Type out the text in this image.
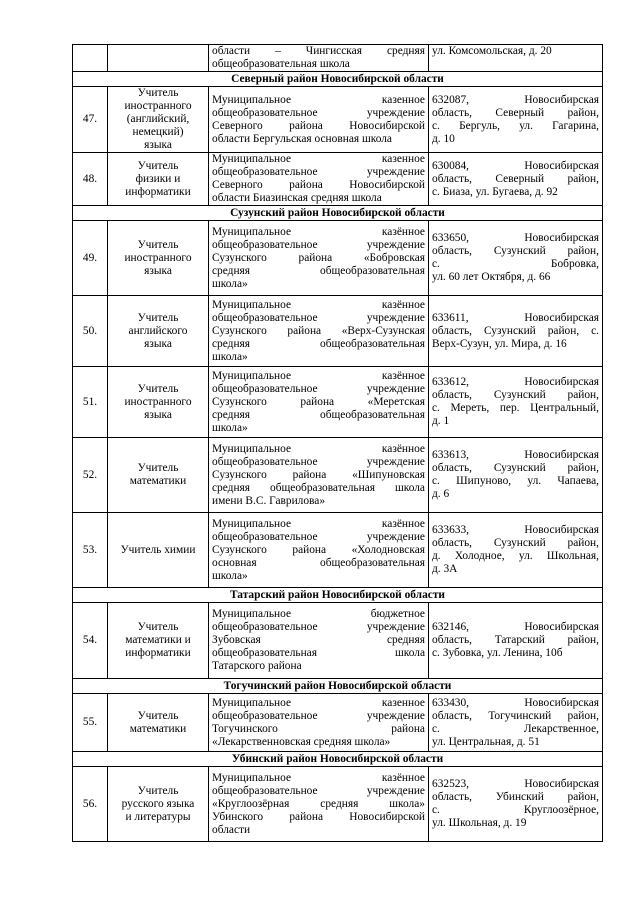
		области – Чингисская средняя
общеобразовательная школа	ул. Комсомольская, д. 20

Северный район Новосибирской области			
47.	Учитель
иностранного
(английский,
немецкий)
языка	Муниципальное казенное
общеобразовательное учреждение
Северного района Новосибирской
области Бергульская основная школа	632087, Новосибирская
область, Северный район,
с. Бергуль, ул. Гагарина,
д. 10

48.	Учитель
физики и
информатики	Муниципальное казенное
общеобразовательное учреждение
Северного района Новосибирской
области Биазинская средняя школа	630084, Новосибирская
область, Северный район,
с. Биаза, ул. Бугаева, д. 92

Сузунский район Новосибирской области			
49.	Учитель
иностранного
языка	Муниципальное казённое
общеобразовательное учреждение
Сузунского района «Бобровская
средняя общеобразовательная
школа»	633650, Новосибирская
область, Сузунский район,
с. Бобровка,
ул. 60 лет Октября, д. 66

50.	Учитель
английского
языка	Муниципальное казённое
общеобразовательное учреждение
Сузунского района «Верх-Сузунская
средняя общеобразовательная
школа»	633611, Новосибирская
область, Сузунский район, с.
Верх-Сузун, ул. Мира, д. 16

51.	Учитель
иностранного
языка	Муниципальное казённое
общеобразовательное учреждение
Сузунского района «Меретская
средняя общеобразовательная
школа»	633612, Новосибирская
область, Сузунский район,
с. Мереть, пер. Центральный,
д. 1

52.	Учитель
математики	Муниципальное казённое
общеобразовательное учреждение
Сузунского района «Шипуновская
средняя общеобразовательная школа
имени В.С. Гаврилова»	633613, Новосибирская
область, Сузунский район,
с. Шипуново, ул. Чапаева,
д. 6

53.	Учитель химии	Муниципальное казённое
общеобразовательное учреждение
Сузунского района «Холодновская
основная общеобразовательная
школа»	633633, Новосибирская
область, Сузунский район,
д. Холодное, ул. Школьная,
д. 3А

Татарский район Новосибирской области			
54.	Учитель
математики и
информатики	Муниципальное бюджетное
общеобразовательное учреждение
Зубовская средняя
общеобразовательная школа
Татарского района	632146, Новосибирская
область, Татарский район,
с. Зубовка, ул. Ленина, 10б

Тогучинский район Новосибирской области			
55.	Учитель
математики	Муниципальное казенное
общеобразовательное учреждение
Тогучинского района
«Лекарственновская средняя школа»	633430, Новосибирская
область, Тогучинский район,
с. Лекарственное,
ул. Центральная, д. 51

Убинский район Новосибирской области			
56.	Учитель
русского языка
и литературы	Муниципальное казённое
общеобразовательное учреждение
«Круглоозёрная средняя школа»
Убинского района Новосибирской
области	632523, Новосибирская
область, Убинский район,
с. Круглоозёрное,
ул. Школьная, д. 19
